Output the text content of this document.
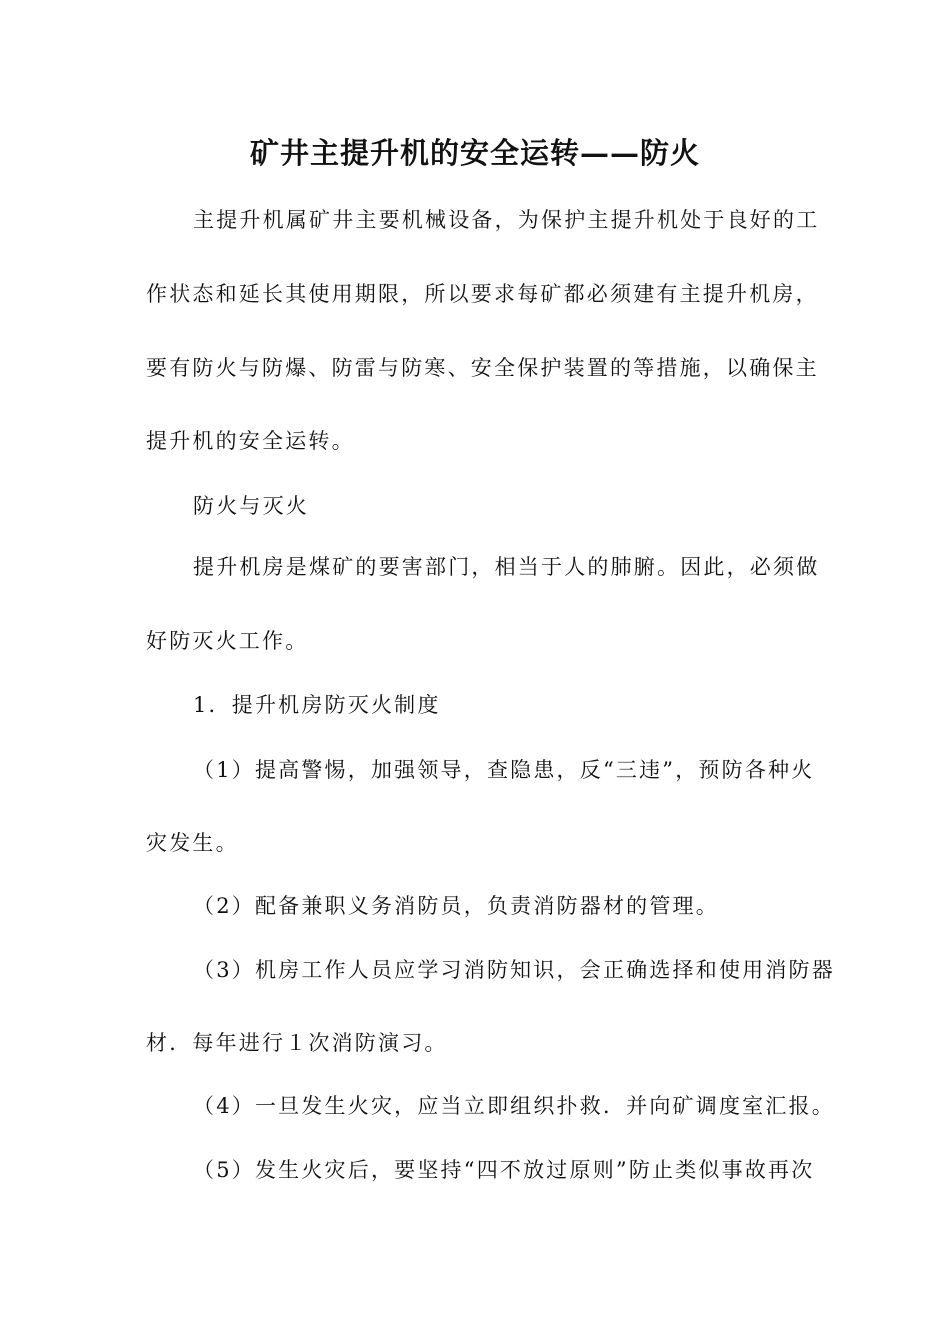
矿井主提升机的安全运转——防火
主提升机属矿井主要机械设备，为保护主提升机处于良好的工
作状态和延长其使用期限，所以要求每矿都必须建有主提升机房，
要有防火与防爆、防雷与防寒、安全保护装置的等措施，以确保主
提升机的安全运转。
防火与灭火
提升机房是煤矿的要害部门，相当于人的肺腑。因此，必须做
好防灭火工作。
1．提升机房防灭火制度
（1）提高警惕，加强领导，查隐患，反“三违”，预防各种火
灾发生。
（2）配备兼职义务消防员，负责消防器材的管理。
（3）机房工作人员应学习消防知识，会正确选择和使用消防器
材．每年进行１次消防演习。
（4）一旦发生火灾，应当立即组织扑救．并向矿调度室汇报。
（5）发生火灾后，要坚持“四不放过原则”防止类似事故再次
